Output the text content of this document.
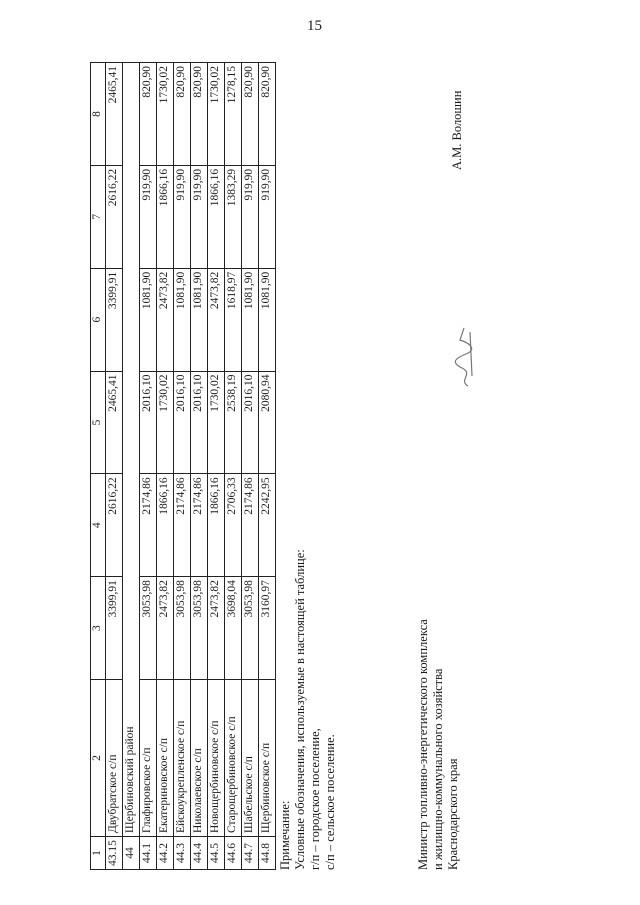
15
1	2	3	4	5	6	7	8
43.15	Двубратское с/п	3399,91	2616,22	2465,41	3399,91	2616,22	2465,41
44	Щербиновский район						
44.1	Глафировское с/п	3053,98	2174,86	2016,10	1081,90	919,90	820,90
44.2	Екатериновское с/п	2473,82	1866,16	1730,02	2473,82	1866,16	1730,02
44.3	Ейскоукрепленское с/п	3053,98	2174,86	2016,10	1081,90	919,90	820,90
44.4	Николаевское с/п	3053,98	2174,86	2016,10	1081,90	919,90	820,90
44.5	Новощербиновское с/п	2473,82	1866,16	1730,02	2473,82	1866,16	1730,02
44.6	Старощербиновское с/п	3698,04	2706,33	2538,19	1618,97	1383,29	1278,15
44.7	Шабельское с/п	3053,98	2174,86	2016,10	1081,90	919,90	820,90
44.8	Щербиновское с/п	3160,97	2242,95	2080,94	1081,90	919,90	820,90
Примечание: Условные обозначения, используемые в настоящей таблице: г/п – городское поселение, с/п – сельское поселение.	Министр топливно-энергетического комплекса и жилищно-коммунального хозяйства Краснодарского края
А.М. Волошин
